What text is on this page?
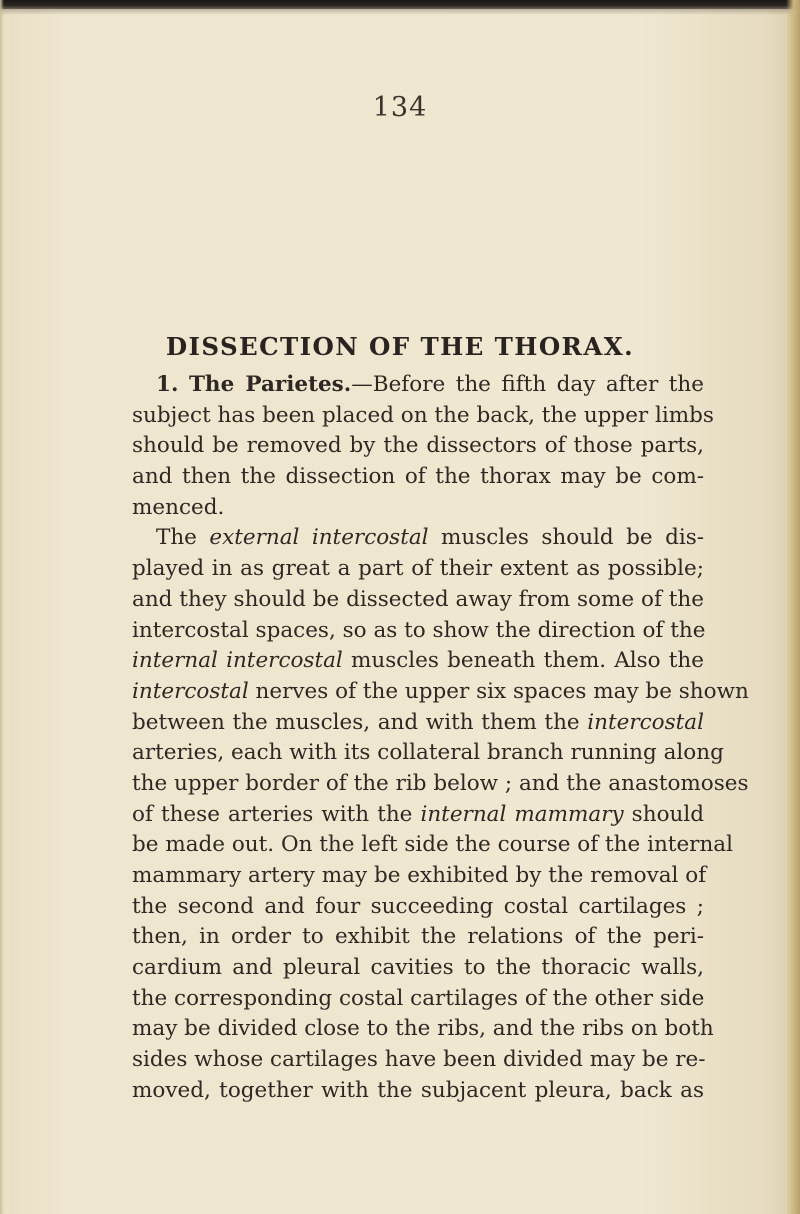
134
DISSECTION OF THE THORAX.
1. The Parietes.—Before the fifth day after the
subject has been placed on the back, the upper limbs
should be removed by the dissectors of those parts,
and then the dissection of the thorax may be com-
menced.
The external intercostal muscles should be dis-
played in as great a part of their extent as possible;
and they should be dissected away from some of the
intercostal spaces, so as to show the direction of the
internal intercostal muscles beneath them. Also the
intercostal nerves of the upper six spaces may be shown
between the muscles, and with them the intercostal
arteries, each with its collateral branch running along
the upper border of the rib below ; and the anastomoses
of these arteries with the internal mammary should
be made out. On the left side the course of the internal
mammary artery may be exhibited by the removal of
the second and four succeeding costal cartilages ;
then, in order to exhibit the relations of the peri-
cardium and pleural cavities to the thoracic walls,
the corresponding costal cartilages of the other side
may be divided close to the ribs, and the ribs on both
sides whose cartilages have been divided may be re-
moved, together with the subjacent pleura, back as
